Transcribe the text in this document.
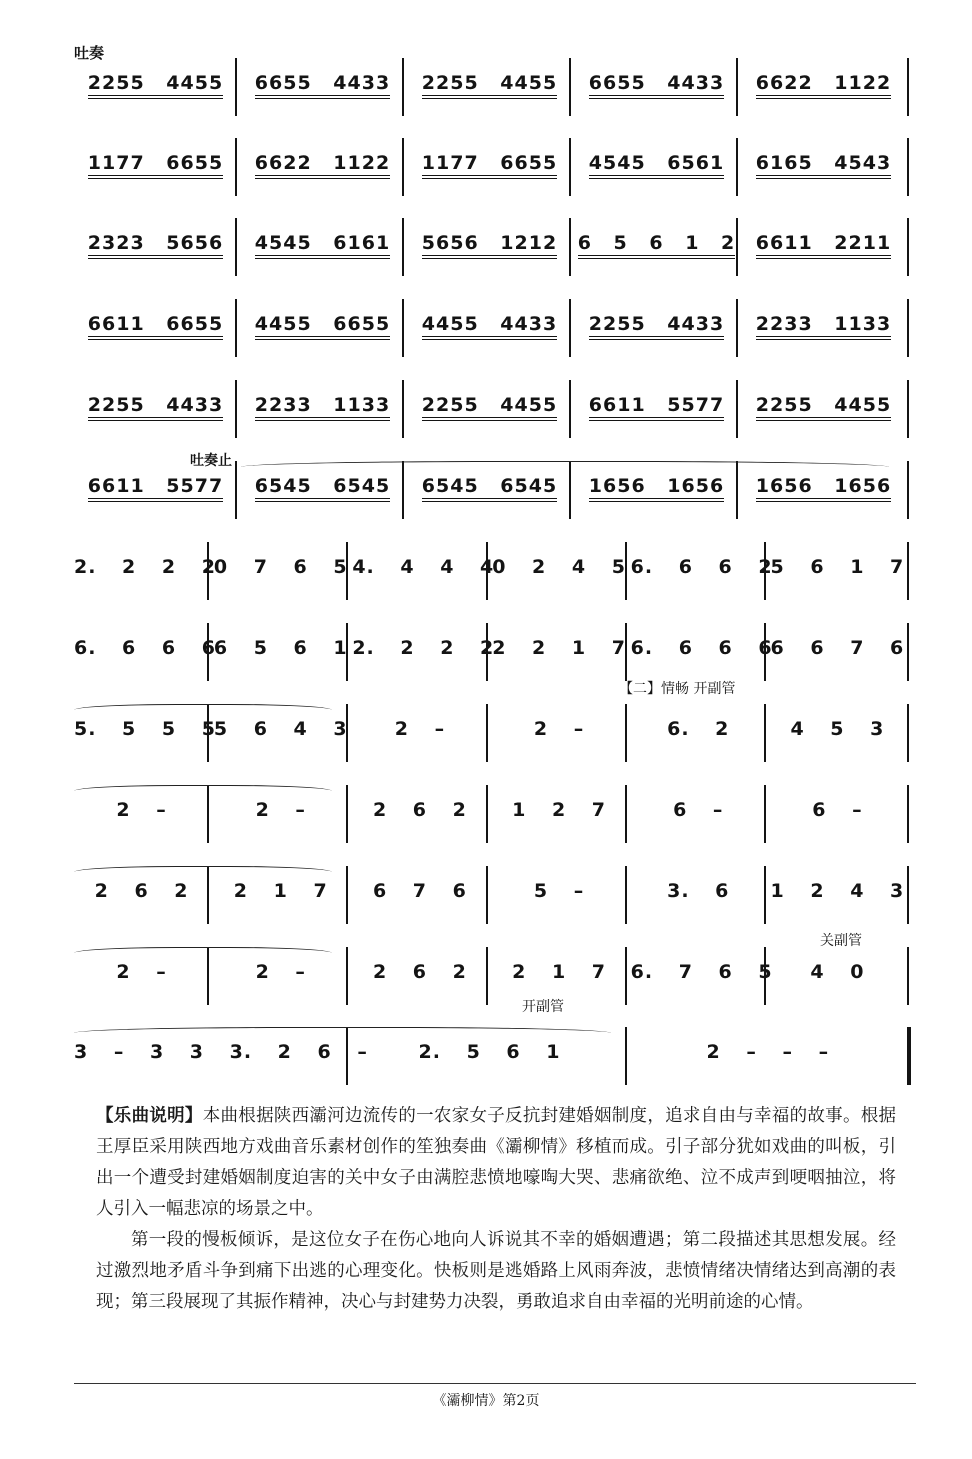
吐奏
2255 4455 6655 4433 2255 4455 6655 4433 6622 1122
1177 6655 6622 1122 1177 6655 4545 6561 6165 4543
2323 5656 4545 6161 5656 1212 6 5 6 1 2 6611 2211
6611 6655 4455 6655 4455 4433 2255 4433 2233 1133
2255 4433 2233 1133 2255 4455 6611 5577 2255 4455
6611 5577 6545 6545 6545 6545 1656 1656 1656 1656
2. 2 2 2
0 7 6 5 4. 4 4 4
0 2 4 5 6. 6 6 2
5 6 1 7
6. 6 6 6
6 5 6 1 2. 2 2 2
2 2 1 7 6. 6 6 6
6 6 7 6
5. 5 5 5
5 6 4 3 2 –	2 –	6. 2	4 5 3
2 –	2 –	2 6 2 1 2 7	6 –	6 –
2 6 2 2 1 7 6 7 6	5 –	3. 6 1 2 4 3
2 –	2 –	2 6 2 2 1 7 6. 7 6 5 4 0
3 – 3 3 3. 2 6 –	2. 5 6 1	2 – – –
吐奏止
【二】情畅 开副管
关副管
开副管

【乐曲说明】本曲根据陕西灞河边流传的一农家女子反抗封建婚姻制度，追求自由与幸福的故事。根据王厚臣采用陕西地方戏曲音乐素材创作的笙独奏曲《灞柳情》移植而成。引子部分犹如戏曲的叫板，引出一个遭受封建婚姻制度迫害的关中女子由满腔悲愤地嚎啕大哭、悲痛欲绝、泣不成声到哽咽抽泣，将人引入一幅悲凉的场景之中。

第一段的慢板倾诉，是这位女子在伤心地向人诉说其不幸的婚姻遭遇；第二段描述其思想发展。经过激烈地矛盾斗争到痛下出逃的心理变化。快板则是逃婚路上风雨奔波，悲愤情绪决情绪达到高潮的表现；第三段展现了其振作精神，决心与封建势力决裂，勇敢追求自由幸福的光明前途的心情。

《灞柳情》第2页
